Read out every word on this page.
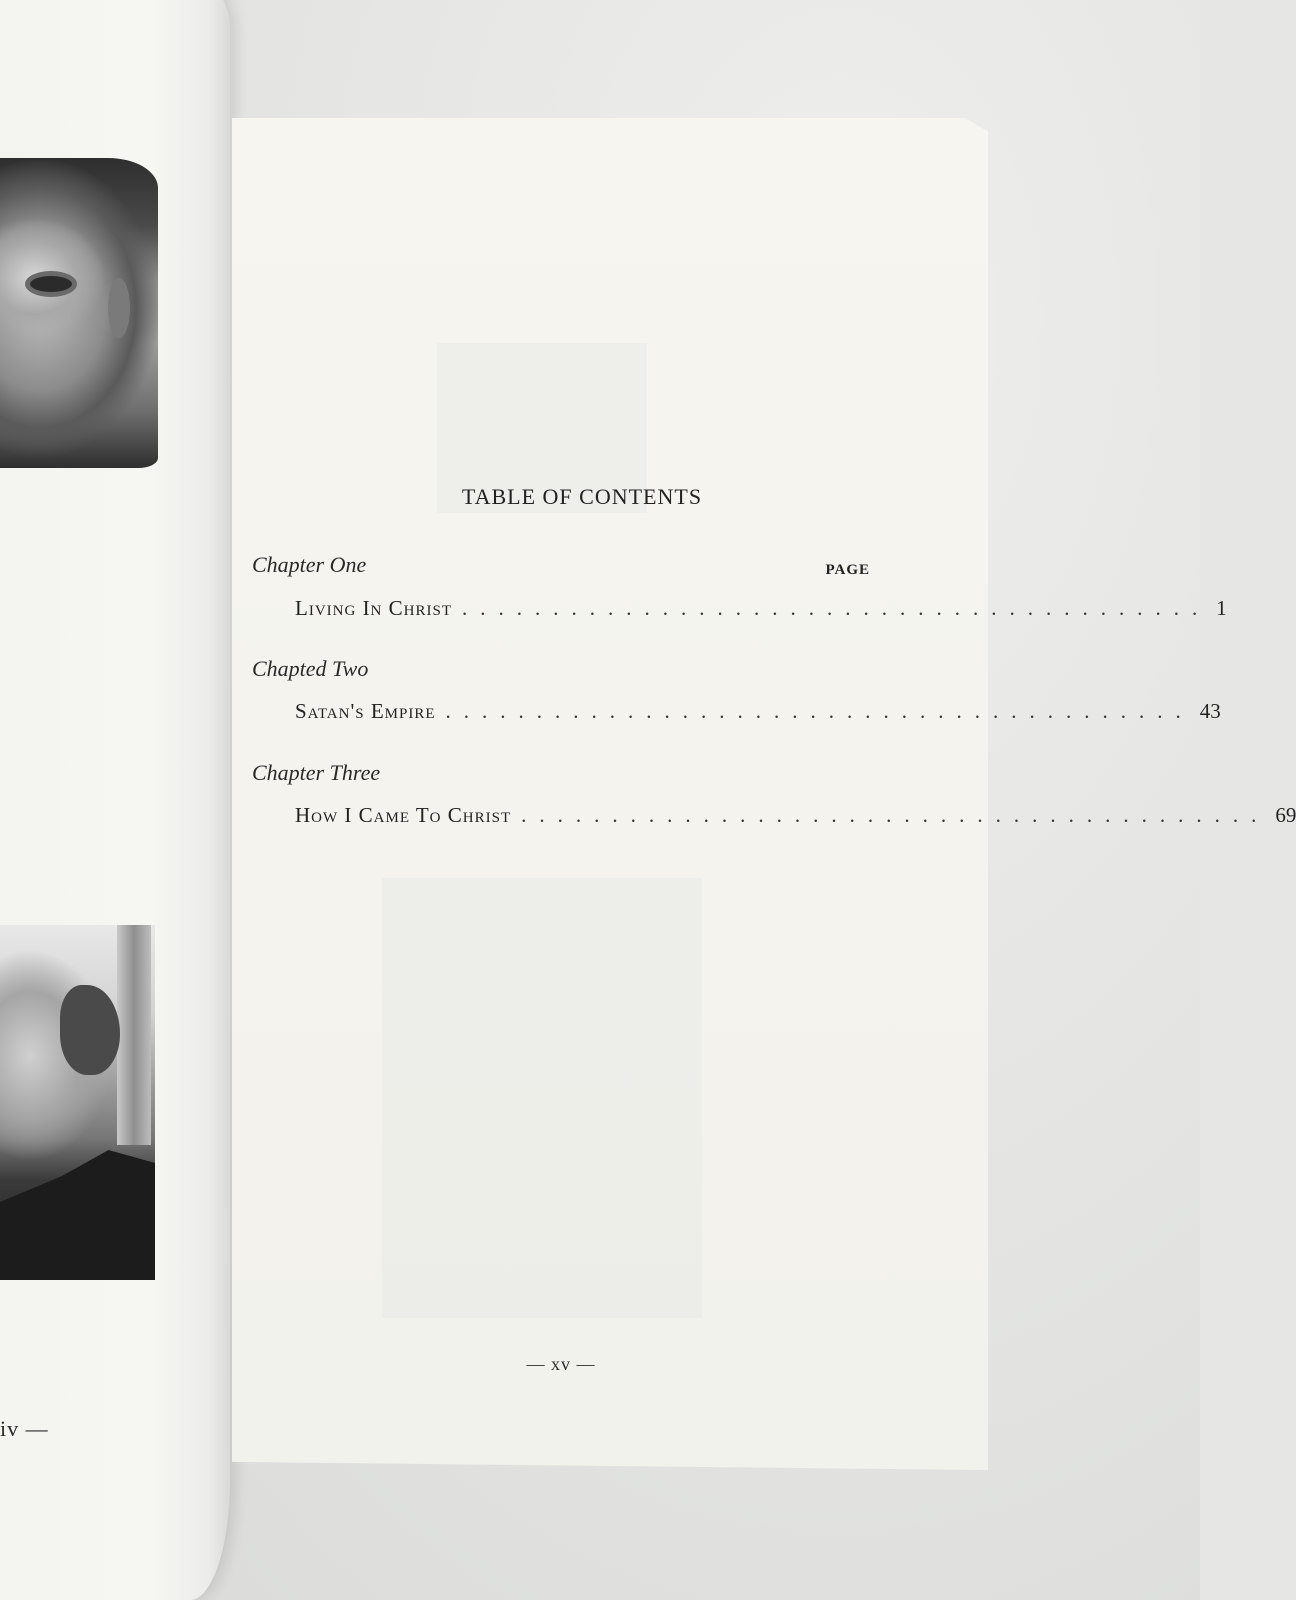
iv —
TABLE OF CONTENTS
PAGE
Chapter One
Living In Christ ......................................... 1
Chapted Two
Satan's Empire ......................................... 43
Chapter Three
How I Came To Christ ......................................... 69
— xv —
